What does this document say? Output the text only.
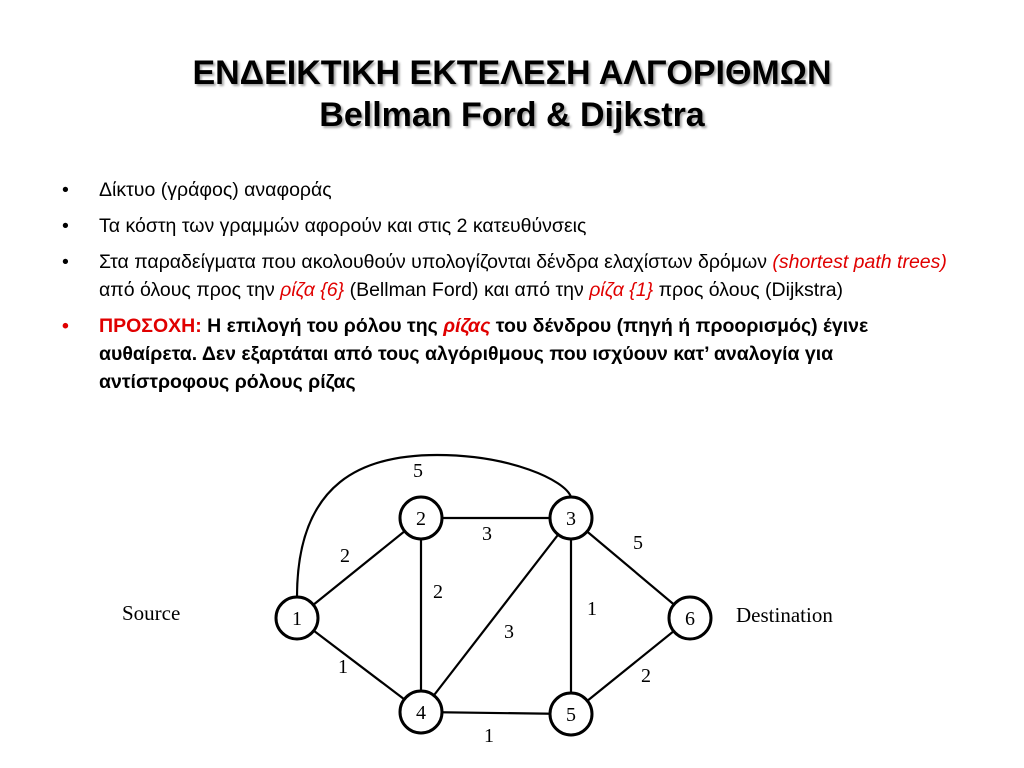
ΕΝΔΕΙΚΤΙΚΗ ΕΚΤΕΛΕΣΗ ΑΛΓΟΡΙΘΜΩΝ
Bellman Ford & Dijkstra
• Δίκτυο (γράφος) αναφοράς
• Τα κόστη των γραμμών αφορούν και στις 2 κατευθύνσεις
• Στα παραδείγματα που ακολουθούν υπολογίζονται δένδρα ελαχίστων δρόμων (shortest path trees) από όλους προς την ρίζα {6} (Bellman Ford) και από την ρίζα {1} προς όλους (Dijkstra)
• ΠΡΟΣΟΧΗ: Η επιλογή του ρόλου της ρίζας του δένδρου (πηγή ή προορισμός) έγινε αυθαίρετα. Δεν εξαρτάται από τους αλγόριθμους που ισχύουν κατ’ αναλογία για αντίστροφους ρόλους ρίζας
1
2	3
4	5
6
2
1
5
3
2
3
1
5
1
2
Source	Destination
